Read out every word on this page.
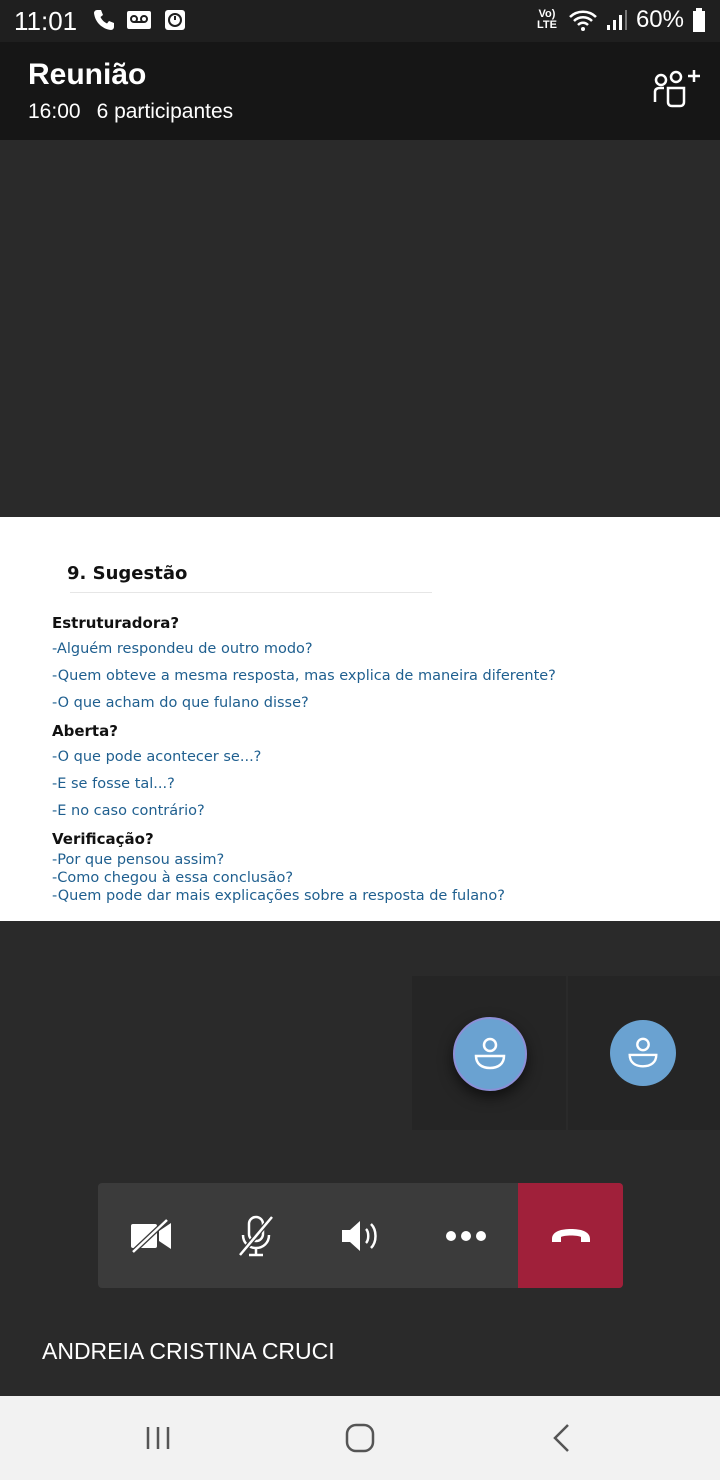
11:01	Vo) LTE	60%
Reunião
16:00 6 participantes
9. Sugestão
Estruturadora?
-Alguém respondeu de outro modo?
-Quem obteve a mesma resposta, mas explica de maneira diferente?
-O que acham do que fulano disse?
Aberta?
-O que pode acontecer se...?
-E se fosse tal...?
-E no caso contrário?
Verificação?
-Por que pensou assim?
-Como chegou à essa conclusão?
-Quem pode dar mais explicações sobre a resposta de fulano?
ANDREIA CRISTINA CRUCI
